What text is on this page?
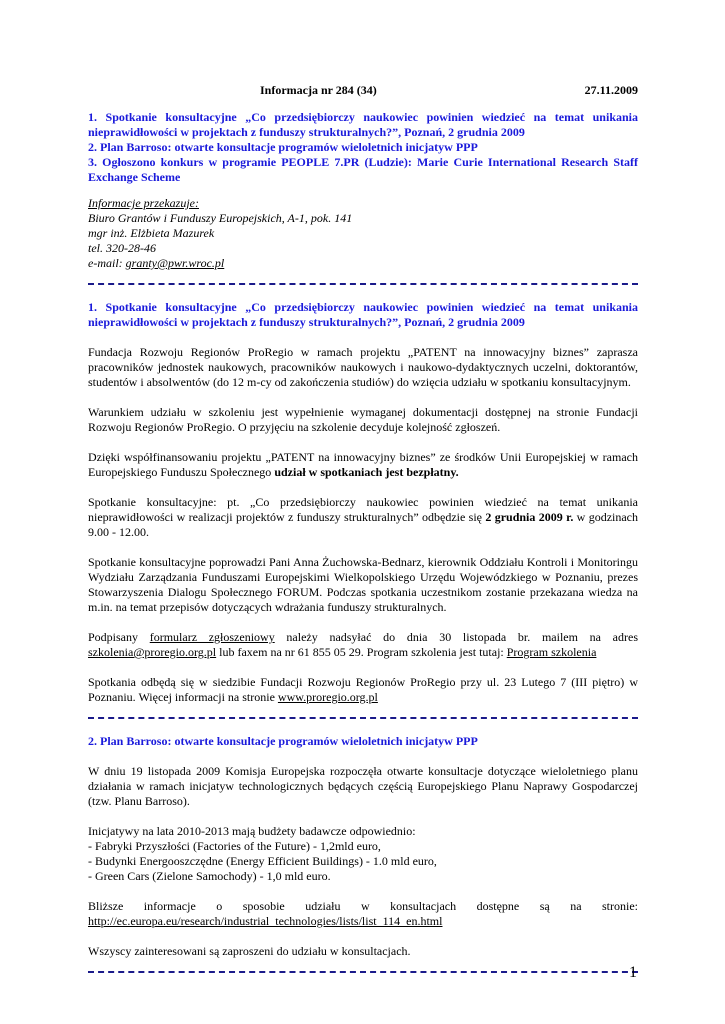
Informacja nr 284 (34)	27.11.2009
1. Spotkanie konsultacyjne „Co przedsiębiorczy naukowiec powinien wiedzieć na temat unikania nieprawidłowości w projektach z funduszy strukturalnych?”, Poznań, 2 grudnia 2009
2. Plan Barroso: otwarte konsultacje programów wieloletnich inicjatyw PPP
3. Ogłoszono konkurs w programie PEOPLE 7.PR (Ludzie): Marie Curie International Research Staff Exchange Scheme
Informacje przekazuje:
Biuro Grantów i Funduszy Europejskich, A-1, pok. 141
mgr inż. Elżbieta Mazurek
tel. 320-28-46
e-mail: granty@pwr.wroc.pl
1. Spotkanie konsultacyjne „Co przedsiębiorczy naukowiec powinien wiedzieć na temat unikania nieprawidłowości w projektach z funduszy strukturalnych?”, Poznań, 2 grudnia 2009
Fundacja Rozwoju Regionów ProRegio w ramach projektu „PATENT na innowacyjny biznes” zaprasza pracowników jednostek naukowych, pracowników naukowych i naukowo-dydaktycznych uczelni, doktorantów, studentów i absolwentów (do 12 m-cy od zakończenia studiów) do wzięcia udziału w spotkaniu konsultacyjnym.
Warunkiem udziału w szkoleniu jest wypełnienie wymaganej dokumentacji dostępnej na stronie Fundacji Rozwoju Regionów ProRegio. O przyjęciu na szkolenie decyduje kolejność zgłoszeń.
Dzięki współfinansowaniu projektu „PATENT na innowacyjny biznes” ze środków Unii Europejskiej w ramach Europejskiego Funduszu Społecznego udział w spotkaniach jest bezpłatny.
Spotkanie konsultacyjne: pt. „Co przedsiębiorczy naukowiec powinien wiedzieć na temat unikania nieprawidłowości w realizacji projektów z funduszy strukturalnych” odbędzie się 2 grudnia 2009 r. w godzinach 9.00 - 12.00.
Spotkanie konsultacyjne poprowadzi Pani Anna Żuchowska-Bednarz, kierownik Oddziału Kontroli i Monitoringu Wydziału Zarządzania Funduszami Europejskimi Wielkopolskiego Urzędu Wojewódzkiego w Poznaniu, prezes Stowarzyszenia Dialogu Społecznego FORUM. Podczas spotkania uczestnikom zostanie przekazana wiedza na m.in. na temat przepisów dotyczących wdrażania funduszy strukturalnych.
Podpisany formularz zgłoszeniowy należy nadsyłać do dnia 30 listopada br. mailem na adres szkolenia@proregio.org.pl lub faxem na nr 61 855 05 29. Program szkolenia jest tutaj: Program szkolenia
Spotkania odbędą się w siedzibie Fundacji Rozwoju Regionów ProRegio przy ul. 23 Lutego 7 (III piętro) w Poznaniu. Więcej informacji na stronie www.proregio.org.pl
2. Plan Barroso: otwarte konsultacje programów wieloletnich inicjatyw PPP
W dniu 19 listopada 2009 Komisja Europejska rozpoczęła otwarte konsultacje dotyczące wieloletniego planu działania w ramach inicjatyw technologicznych będących częścią Europejskiego Planu Naprawy Gospodarczej (tzw. Planu Barroso).
Inicjatywy na lata 2010-2013 mają budżety badawcze odpowiednio:
- Fabryki Przyszłości (Factories of the Future) - 1,2mld euro,
- Budynki Energooszczędne (Energy Efficient Buildings) - 1.0 mld euro,
- Green Cars (Zielone Samochody) - 1,0 mld euro.
Bliższe informacje o sposobie udziału w konsultacjach dostępne są na stronie:
http://ec.europa.eu/research/industrial_technologies/lists/list_114_en.html
Wszyscy zainteresowani są zaproszeni do udziału w konsultacjach.
1
